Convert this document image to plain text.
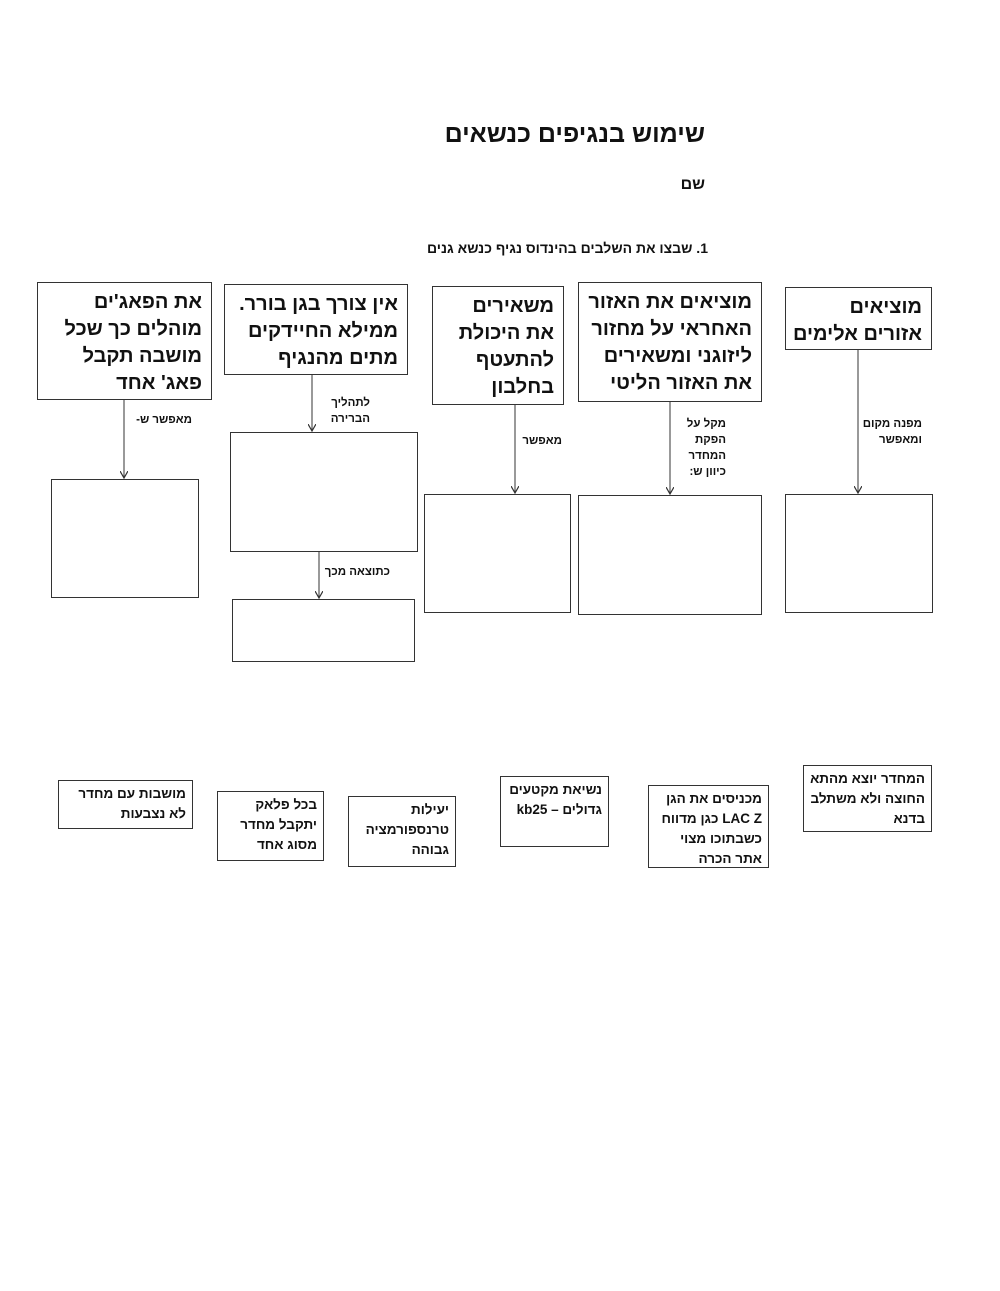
שימוש בנגיפים כנשאים
שם
1. שבצו את השלבים בהינדוס נגיף כנשא גנים
מוציאים אזורים אלימים
מוציאים את האזור האחראי על מחזור ליזוגני ומשאירים את האזור הליטי
משאירים את היכולת להתעטף בחלבון
אין צורך בגן בורר. ממילא החיידקים מתים מהנגיף
את הפאג'ים מוהלים כך שכל מושבה תקבל פאג' אחד
מפנה מקום ומאפשר
מקל על הפקת המחדר כיוון ש:
מאפשר
לתהליך הברירה
כתוצאה מכך
מאפשר ש-
המחדר יוצא מהתא החוצה ולא משתלב בדנא
מכניסים את הגן LAC Z כגן מדווח כשבתוכו מצוי אתר הכרה
נשיאת מקטעים גדולים – kb25
יעילות טרנספורמציה גבוהה
בכל פלאק יתקבל מחדר מסוג אחד
מושבות עם מחדר לא נצבעות
